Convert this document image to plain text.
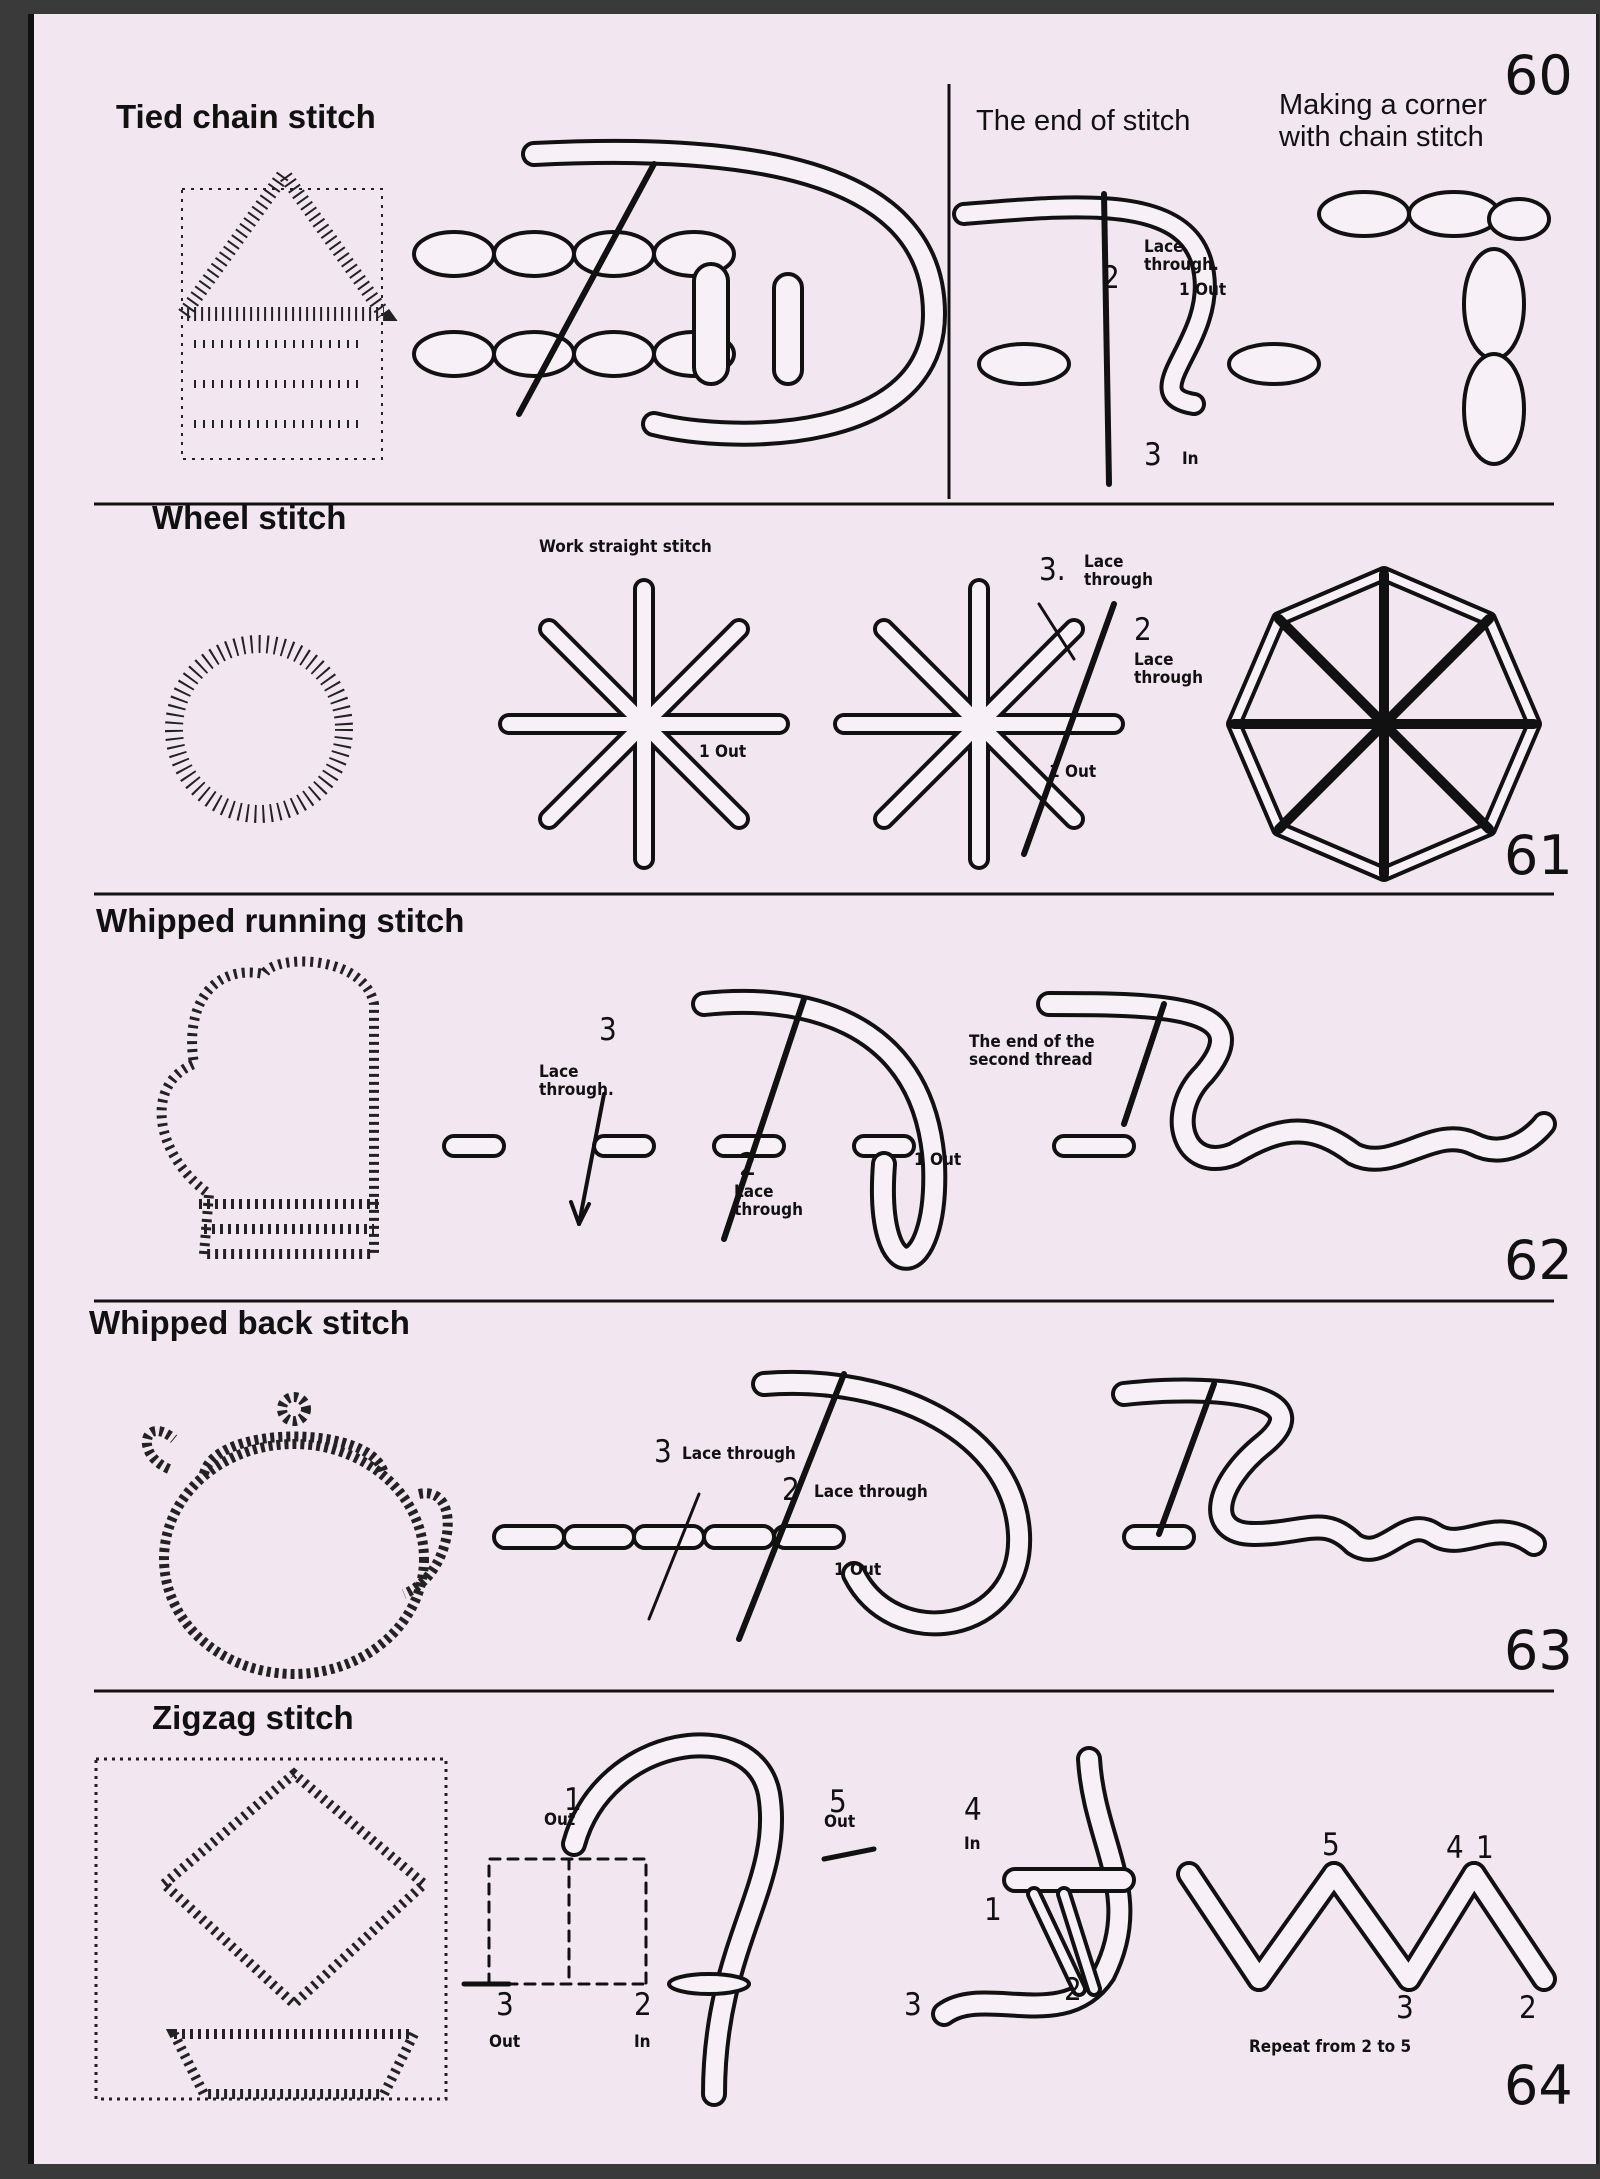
Tied chain stitch
Wheel stitch
Whipped running stitch
Whipped back stitch
Zigzag stitch
60
61
62
63
64
The end of stitch	Making a corner
with chain stitch
Lace
through.
2	1 Out
3 In
Work straight stitch
1 Out
3. Lace
through
2
Lace
through
1 Out
3
Lace
through.
2
Lace
through
1 Out
The end of the
second thread
3 Lace through
2 Lace through
1 Out
1
Out	5
Out
3
Out
2
In
4
In
1
2
3
5	4 1
3	2
Repeat from 2 to 5
